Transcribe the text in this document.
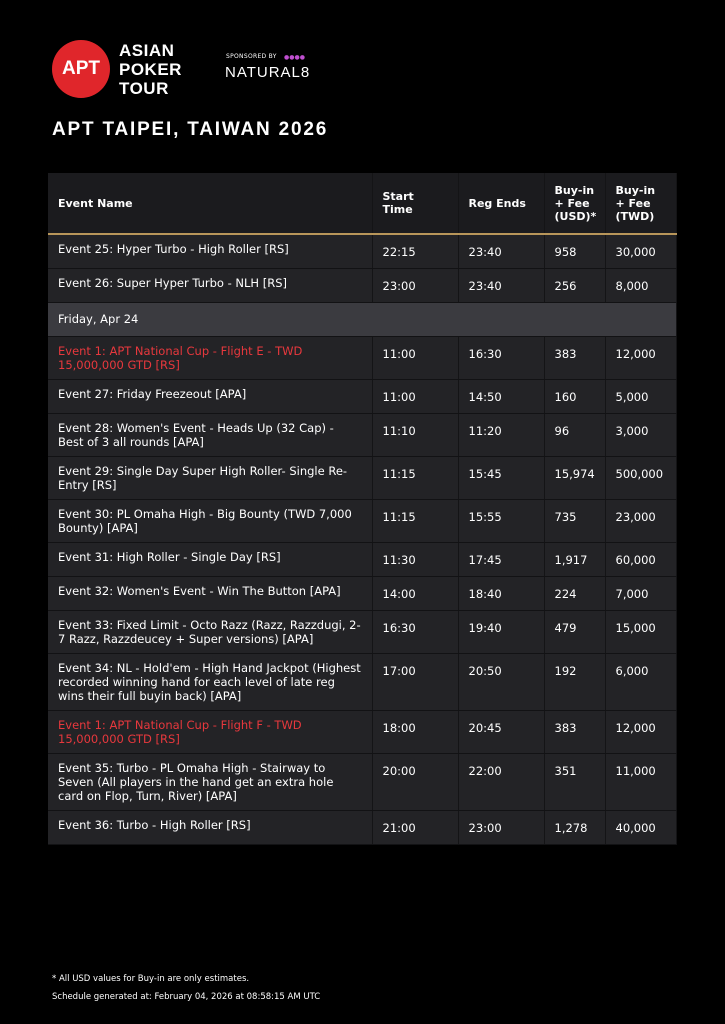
APT
ASIAN
POKER
TOUR
SPONSORED BY ●●●●
NATURAL8
APT TAIPEI, TAIWAN 2026
Event Name	Start Time	Reg Ends	Buy-in + Fee (USD)*	Buy-in + Fee (TWD)
Event 25: Hyper Turbo - High Roller [RS]	22:15	23:40	958	30,000
Event 26: Super Hyper Turbo - NLH [RS]	23:00	23:40	256	8,000
Friday, Apr 24				
Event 1: APT National Cup - Flight E - TWD 15,000,000 GTD [RS]	11:00	16:30	383	12,000
Event 27: Friday Freezeout [APA]	11:00	14:50	160	5,000
Event 28: Women's Event - Heads Up (32 Cap) - Best of 3 all rounds [APA]	11:10	11:20	96	3,000
Event 29: Single Day Super High Roller- Single Re-Entry [RS]	11:15	15:45	15,974	500,000
Event 30: PL Omaha High - Big Bounty (TWD 7,000 Bounty) [APA]	11:15	15:55	735	23,000
Event 31: High Roller - Single Day [RS]	11:30	17:45	1,917	60,000
Event 32: Women's Event - Win The Button [APA]	14:00	18:40	224	7,000
Event 33: Fixed Limit - Octo Razz (Razz, Razzdugi, 2-7 Razz, Razzdeucey + Super versions) [APA]	16:30	19:40	479	15,000
Event 34: NL - Hold'em - High Hand Jackpot (Highest recorded winning hand for each level of late reg wins their full buyin back) [APA]	17:00	20:50	192	6,000
Event 1: APT National Cup - Flight F - TWD 15,000,000 GTD [RS]	18:00	20:45	383	12,000
Event 35: Turbo - PL Omaha High - Stairway to Seven (All players in the hand get an extra hole card on Flop, Turn, River) [APA]	20:00	22:00	351	11,000
Event 36: Turbo - High Roller [RS]	21:00	23:00	1,278	40,000
* All USD values for Buy-in are only estimates.
Schedule generated at: February 04, 2026 at 08:58:15 AM UTC
